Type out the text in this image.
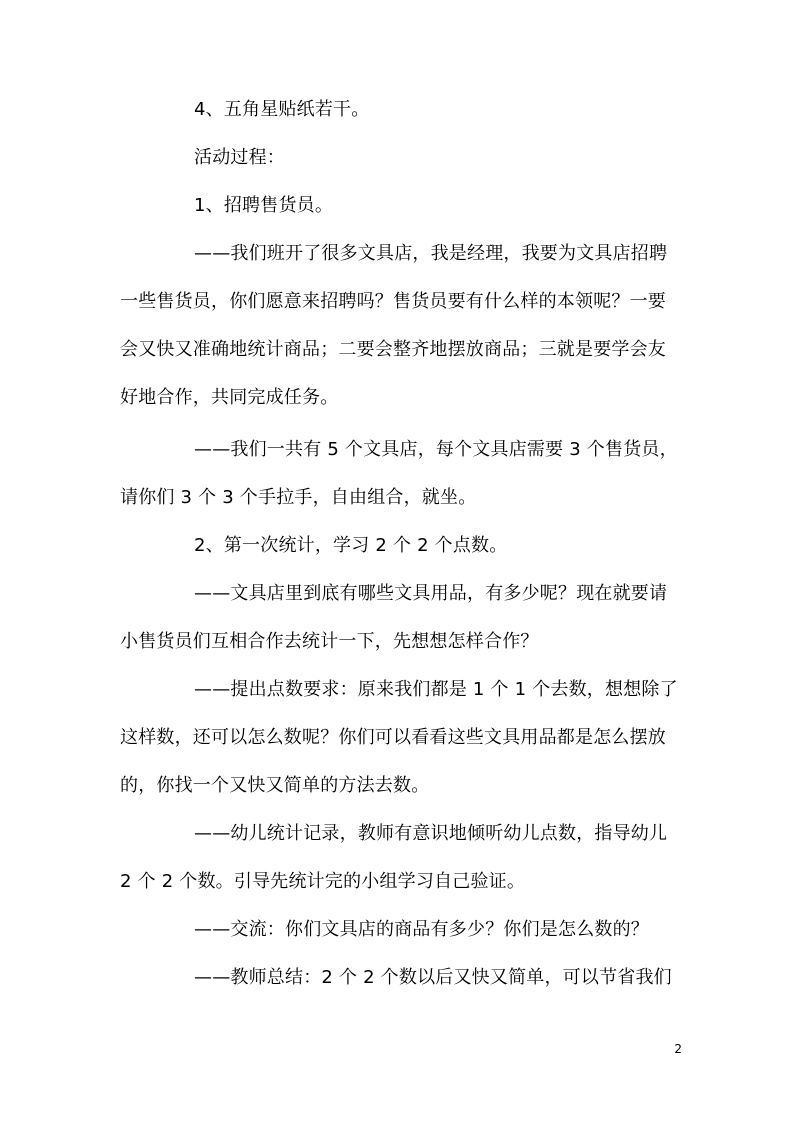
4、五角星贴纸若干。
活动过程：
1、招聘售货员。
——我们班开了很多文具店，我是经理，我要为文具店招聘
一些售货员，你们愿意来招聘吗？售货员要有什么样的本领呢？一要
会又快又准确地统计商品；二要会整齐地摆放商品；三就是要学会友
好地合作，共同完成任务。
——我们一共有 5 个文具店，每个文具店需要 3 个售货员，
请你们 3 个 3 个手拉手，自由组合，就坐。
2、第一次统计，学习 2 个 2 个点数。
——文具店里到底有哪些文具用品，有多少呢？现在就要请
小售货员们互相合作去统计一下，先想想怎样合作？
——提出点数要求：原来我们都是 1 个 1 个去数，想想除了
这样数，还可以怎么数呢？你们可以看看这些文具用品都是怎么摆放
的，你找一个又快又简单的方法去数。
——幼儿统计记录，教师有意识地倾听幼儿点数，指导幼儿
2 个 2 个数。引导先统计完的小组学习自己验证。
——交流：你们文具店的商品有多少？你们是怎么数的？
——教师总结：2 个 2 个数以后又快又简单，可以节省我们
2
